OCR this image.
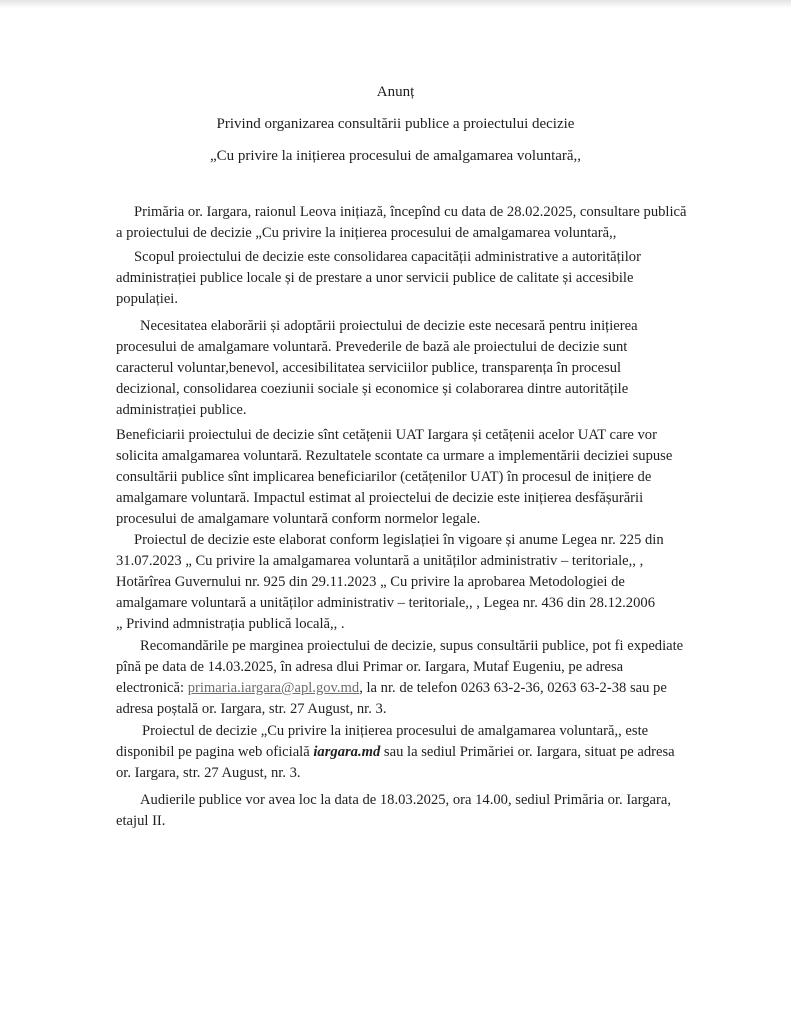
Anunț
Privind organizarea consultării publice a proiectului decizie
„Cu privire la inițierea procesului de amalgamarea voluntară,,
Primăria or. Iargara, raionul Leova inițiază, începînd cu data de 28.02.2025, consultare publică
a proiectului de decizie „Cu privire la inițierea procesului de amalgamarea voluntară,,
Scopul proiectului de decizie este consolidarea capacității administrative a autorităților
administrației publice locale și de prestare a unor servicii publice de calitate și accesibile
populației.
Necesitatea elaborării și adoptării proiectului de decizie este necesară pentru inițierea
procesului de amalgamare voluntară. Prevederile de bază ale proiectului de decizie sunt
caracterul voluntar,benevol, accesibilitatea serviciilor publice, transparența în procesul
decizional, consolidarea coeziunii sociale și economice și colaborarea dintre autoritățile
administrației publice.
Beneficiarii proiectului de decizie sînt cetățenii UAT Iargara și cetățenii acelor UAT care vor
solicita amalgamarea voluntară. Rezultatele scontate ca urmare a implementării deciziei supuse
consultării publice sînt implicarea beneficiarilor (cetățenilor UAT) în procesul de inițiere de
amalgamare voluntară. Impactul estimat al proiectelui de decizie este inițierea desfășurării
procesului de amalgamare voluntară conform normelor legale.
Proiectul de decizie este elaborat conform legislației în vigoare și anume Legea nr. 225 din
31.07.2023 „ Cu privire la amalgamarea voluntară a unităților administrativ – teritoriale,, ,
Hotărîrea Guvernului nr. 925 din 29.11.2023 „ Cu privire la aprobarea Metodologiei de
amalgamare voluntară a unităților administrativ – teritoriale,, , Legea nr. 436 din 28.12.2006
„ Privind admnistrația publică locală,, .
Recomandările pe marginea proiectului de decizie, supus consultării publice, pot fi expediate
pînă pe data de 14.03.2025, în adresa dlui Primar or. Iargara, Mutaf Eugeniu, pe adresa
electronică: primaria.iargara@apl.gov.md, la nr. de telefon 0263 63-2-36, 0263 63-2-38 sau pe
adresa poștală or. Iargara, str. 27 August, nr. 3.
Proiectul de decizie „Cu privire la inițierea procesului de amalgamarea voluntară,, este
disponibil pe pagina web oficială iargara.md sau la sediul Primăriei or. Iargara, situat pe adresa
or. Iargara, str. 27 August, nr. 3.
Audierile publice vor avea loc la data de 18.03.2025, ora 14.00, sediul Primăria or. Iargara,
etajul II.
